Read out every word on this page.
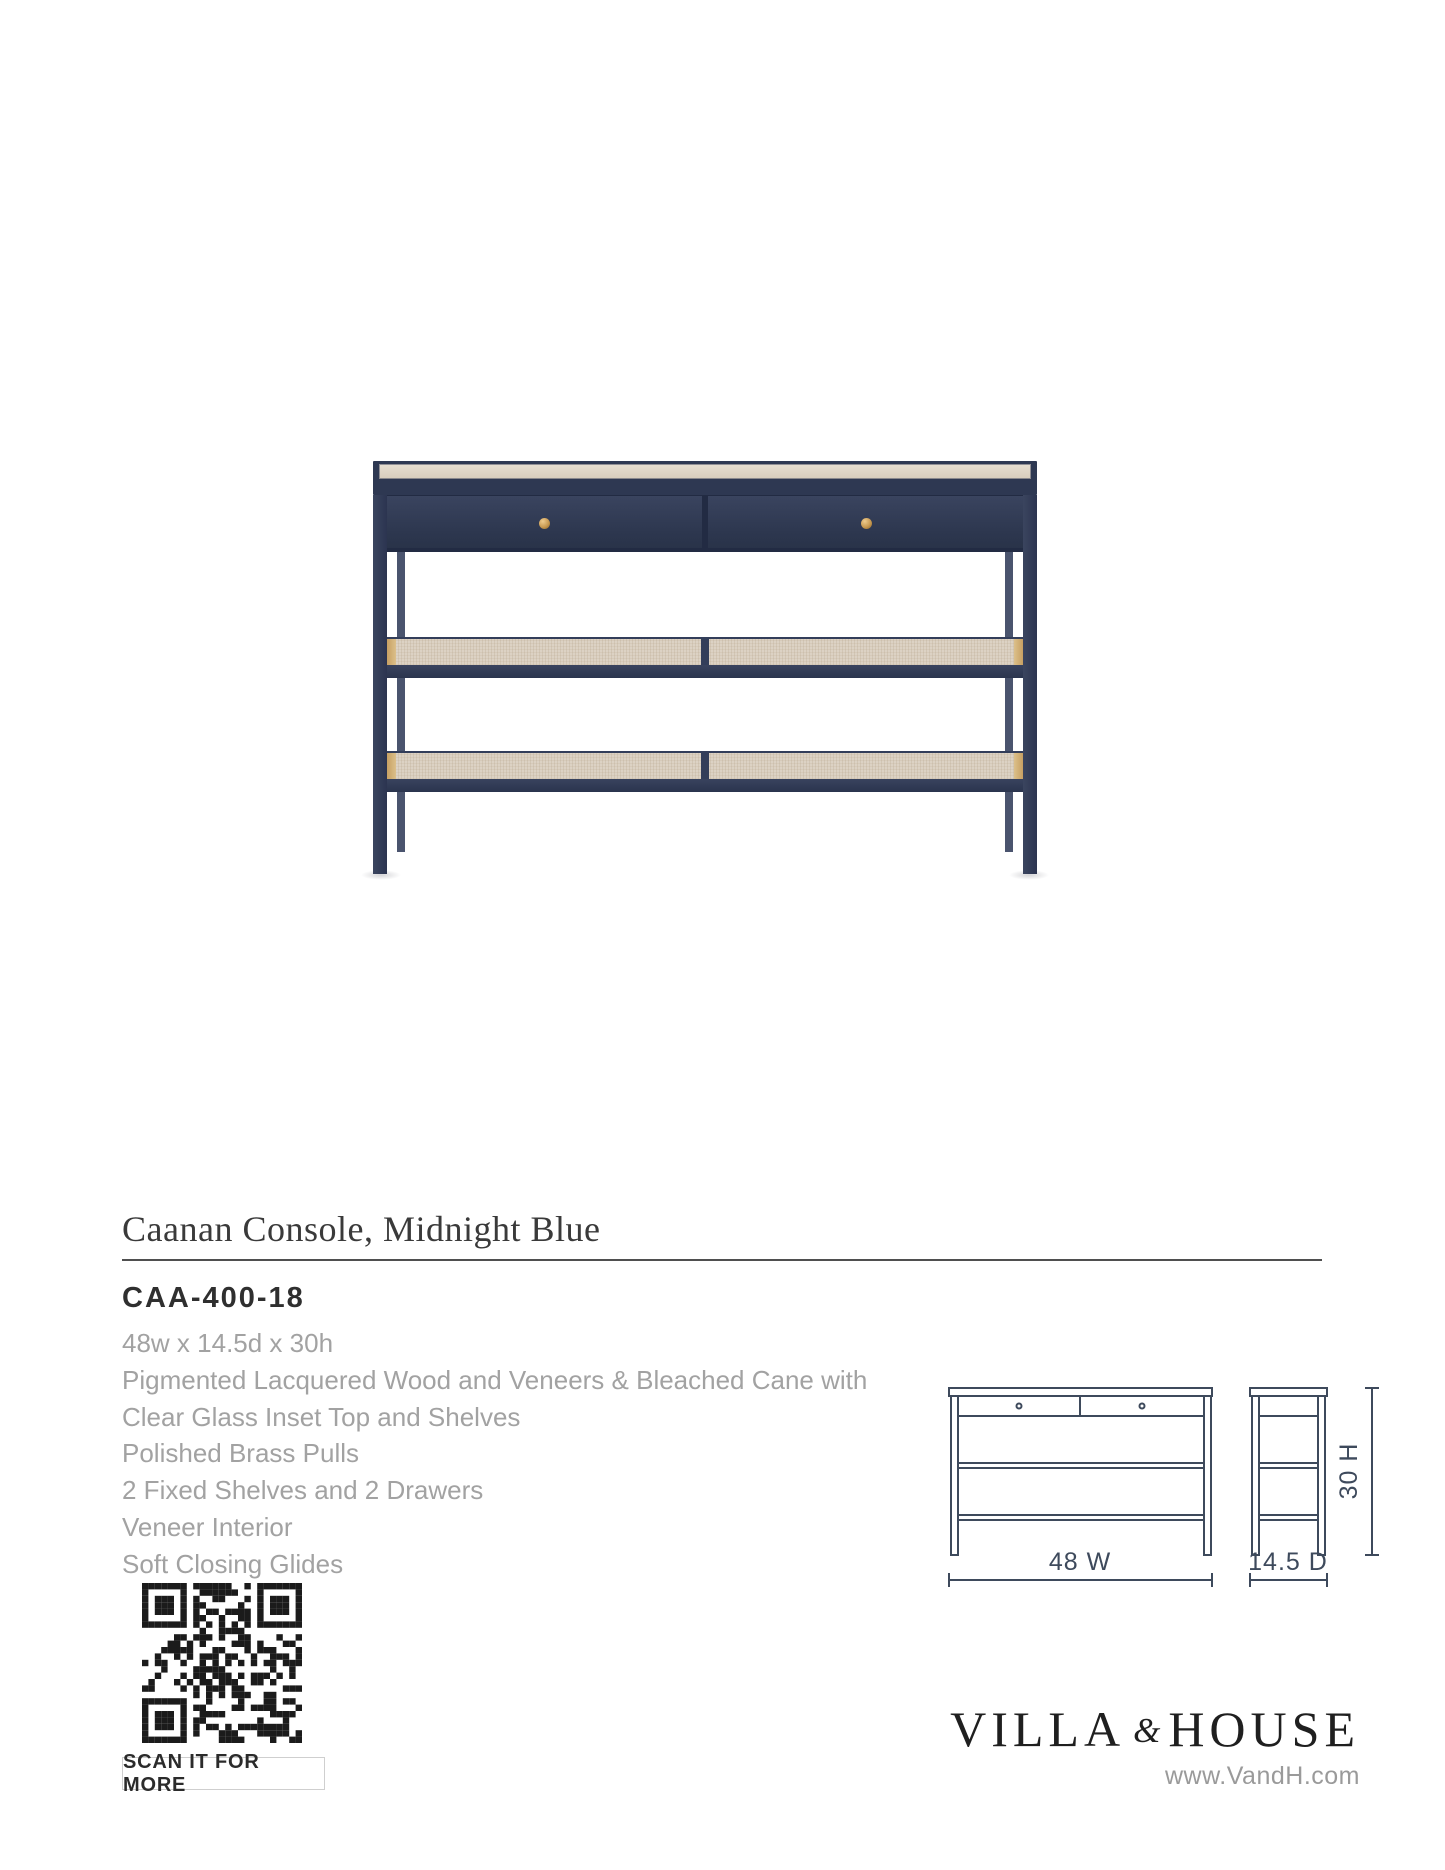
Caanan Console, Midnight Blue
CAA-400-18
48w x 14.5d x 30h
Pigmented Lacquered Wood and Veneers & Bleached Cane with
Clear Glass Inset Top and Shelves
Polished Brass Pulls
2 Fixed Shelves and 2 Drawers
Veneer Interior
Soft Closing Glides	48 W	14.5 D
30 H
SCAN IT FOR MORE
VILLA & HOUSE
www.VandH.com
